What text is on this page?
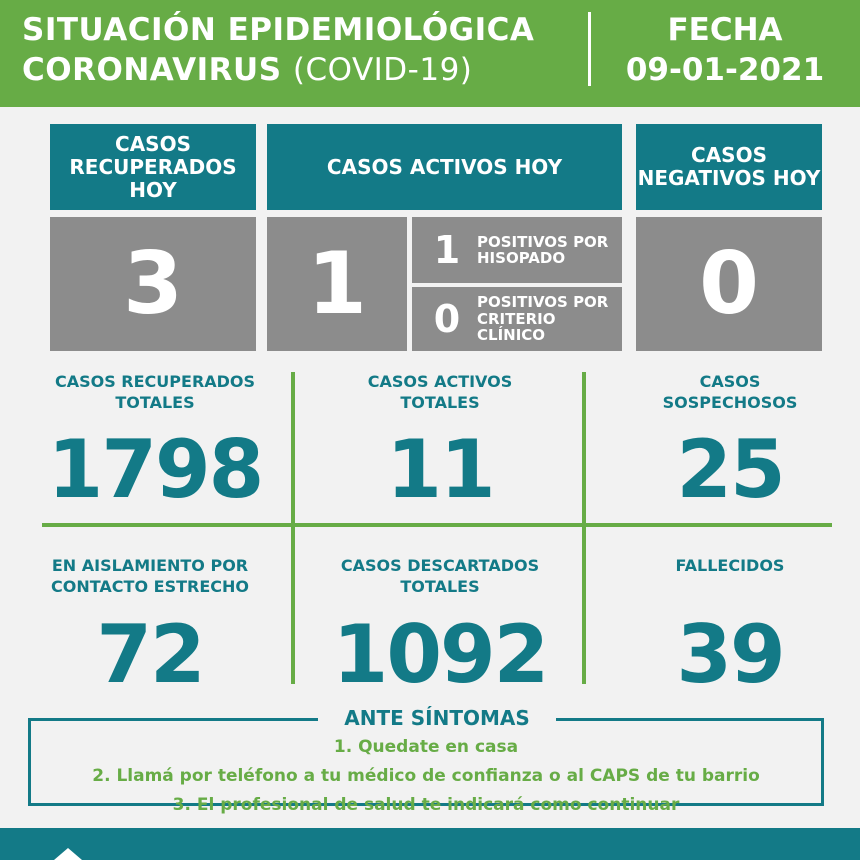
SITUACIÓN EPIDEMIOLÓGICA
CORONAVIRUS (COVID-19)
FECHA
09-01-2021
CASOS RECUPERADOS HOY
3
CASOS ACTIVOS HOY
1	1	POSITIVOS POR HISOPADO
0	POSITIVOS POR CRITERIO CLÍNICO
CASOS NEGATIVOS HOY
0
CASOS RECUPERADOS TOTALES
1798
CASOS ACTIVOS TOTALES
11
CASOS SOSPECHOSOS
25
EN AISLAMIENTO POR CONTACTO ESTRECHO
72
CASOS DESCARTADOS TOTALES
1092
FALLECIDOS
39
ANTE SÍNTOMAS
1. Quedate en casa
2. Llamá por teléfono a tu médico de confianza o al CAPS de tu barrio
3. El profesional de salud te indicará como continuar
